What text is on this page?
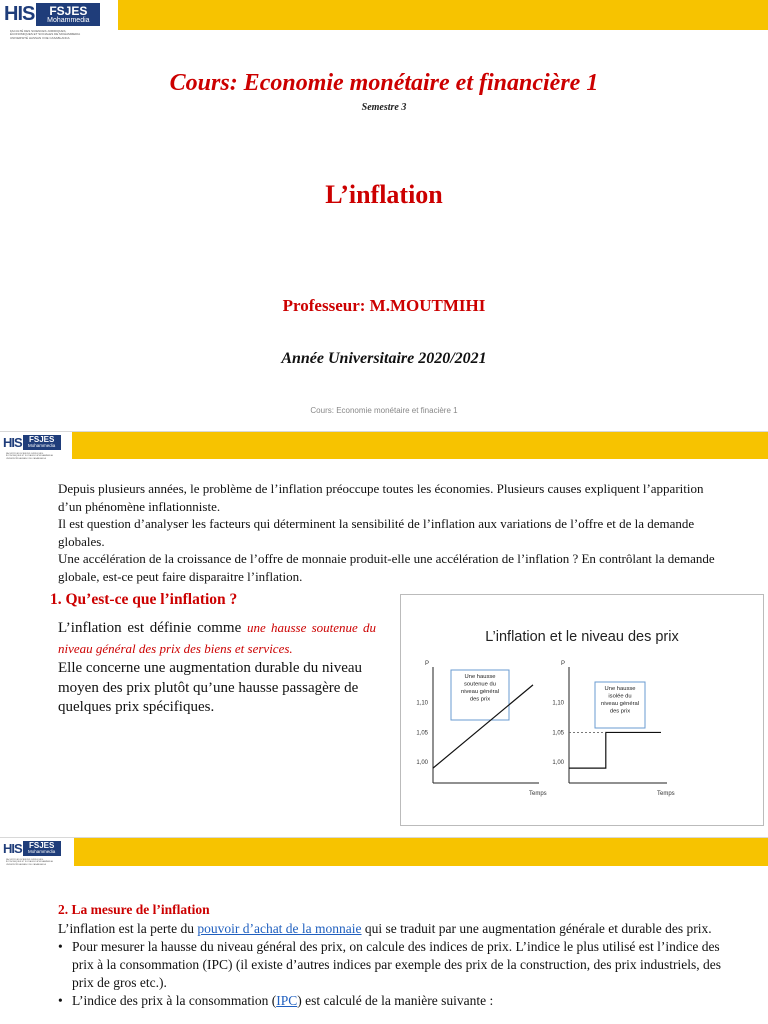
HIS	FSJES
Mohammedia
FACULTÉ DES SCIENCES JURIDIQUES,
ÉCONOMIQUES ET SOCIALES DE MOHAMMEDIA
UNIVERSITÉ HASSAN II DE CASABLANCA
Cours: Economie monétaire et financière 1
Semestre 3
L’inflation
Professeur: M.MOUTMIHI
Année Universitaire 2020/2021
Cours: Economie monétaire et finacière 1
HIS FSJES
Mohammedia
FACULTÉ DES SCIENCES JURIDIQUES,
ÉCONOMIQUES ET SOCIALES DE MOHAMMEDIA
UNIVERSITÉ HASSAN II DE CASABLANCA

Depuis plusieurs années, le problème de l’inflation préoccupe toutes les économies. Plusieurs causes expliquent l’apparition d’un phénomène inflationniste.

Il est question d’analyser les facteurs qui déterminent la sensibilité de l’inflation aux variations de l’offre et de la demande globales.

Une accélération de la croissance de l’offre de monnaie produit-elle une accélération de l’inflation ? En contrôlant la demande globale, est-ce peut faire disparaitre l’inflation.

1. Qu’est-ce que l’inflation ?
L’inflation est définie comme une hausse soutenue du niveau général des prix des biens et services.
Elle concerne une augmentation durable du niveau moyen des prix plutôt qu’une hausse passagère de quelques prix spécifiques.
L’inflation et le niveau des prix
P
Temps
1,10
1,05
1,00
Une hausse
soutenue du
niveau général
des prix
P
Temps
1,10
1,05
1,00
Une hausse
isolée du
niveau général
des prix
HIS FSJES
Mohammedia
FACULTÉ DES SCIENCES JURIDIQUES,
ÉCONOMIQUES ET SOCIALES DE MOHAMMEDIA
UNIVERSITÉ HASSAN II DE CASABLANCA
2. La mesure de l’inflation

L’inflation est la perte du pouvoir d’achat de la monnaie qui se traduit par une augmentation générale et durable des prix.

• Pour mesurer la hausse du niveau général des prix, on calcule des indices de prix. L’indice le plus utilisé est l’indice des prix à la consommation (IPC) (il existe d’autres indices par exemple des prix de la construction, des prix industriels, des prix de gros etc.).
• L’indice des prix à la consommation (IPC) est calculé de la manière suivante :
